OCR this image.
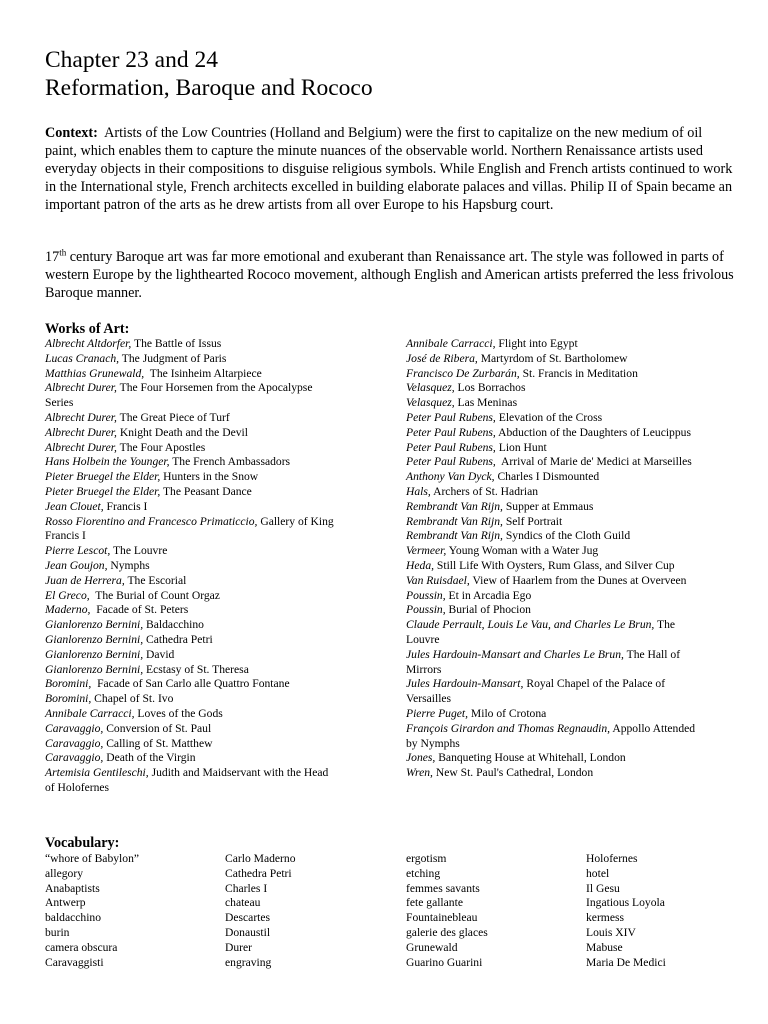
Chapter 23 and 24
Reformation, Baroque and Rococo

Context: Artists of the Low Countries (Holland and Belgium) were the first to capitalize on the new medium of oil paint, which enables them to capture the minute nuances of the observable world. Northern Renaissance artists used everyday objects in their compositions to disguise religious symbols. While English and French artists continued to work in the International style, French architects excelled in building elaborate palaces and villas. Philip II of Spain became an important patron of the arts as he drew artists from all over Europe to his Hapsburg court.

17th century Baroque art was far more emotional and exuberant than Renaissance art. The style was followed in parts of western Europe by the lighthearted Rococo movement, although English and American artists preferred the less frivolous Baroque manner.

Works of Art:
Albrecht Altdorfer, The Battle of Issus
Lucas Cranach, The Judgment of Paris
Matthias Grunewald,  The Isinheim Altarpiece
Albrecht Durer, The Four Horsemen from the Apocalypse
Series
Albrecht Durer, The Great Piece of Turf
Albrecht Durer, Knight Death and the Devil
Albrecht Durer, The Four Apostles
Hans Holbein the Younger, The French Ambassadors
Pieter Bruegel the Elder, Hunters in the Snow
Pieter Bruegel the Elder, The Peasant Dance
Jean Clouet, Francis I
Rosso Fiorentino and Francesco Primaticcio, Gallery of King
Francis I
Pierre Lescot, The Louvre
Jean Goujon, Nymphs
Juan de Herrera, The Escorial
El Greco,  The Burial of Count Orgaz
Maderno,  Facade of St. Peters
Gianlorenzo Bernini, Baldacchino
Gianlorenzo Bernini, Cathedra Petri
Gianlorenzo Bernini, David
Gianlorenzo Bernini, Ecstasy of St. Theresa
Boromini,  Facade of San Carlo alle Quattro Fontane
Boromini, Chapel of St. Ivo
Annibale Carracci, Loves of the Gods
Caravaggio, Conversion of St. Paul
Caravaggio, Calling of St. Matthew
Caravaggio, Death of the Virgin
Artemisia Gentileschi, Judith and Maidservant with the Head
of Holofernes
Annibale Carracci, Flight into Egypt
José de Ribera, Martyrdom of St. Bartholomew
Francisco De Zurbarán, St. Francis in Meditation
Velasquez, Los Borrachos
Velasquez, Las Meninas
Peter Paul Rubens, Elevation of the Cross
Peter Paul Rubens, Abduction of the Daughters of Leucippus
Peter Paul Rubens, Lion Hunt
Peter Paul Rubens,  Arrival of Marie de' Medici at Marseilles
Anthony Van Dyck, Charles I Dismounted
Hals, Archers of St. Hadrian
Rembrandt Van Rijn, Supper at Emmaus
Rembrandt Van Rijn, Self Portrait
Rembrandt Van Rijn, Syndics of the Cloth Guild
Vermeer, Young Woman with a Water Jug
Heda, Still Life With Oysters, Rum Glass, and Silver Cup
Van Ruisdael, View of Haarlem from the Dunes at Overveen
Poussin, Et in Arcadia Ego
Poussin, Burial of Phocion
Claude Perrault, Louis Le Vau, and Charles Le Brun, The
Louvre
Jules Hardouin-Mansart and Charles Le Brun, The Hall of
Mirrors
Jules Hardouin-Mansart, Royal Chapel of the Palace of
Versailles
Pierre Puget, Milo of Crotona
François Girardon and Thomas Regnaudin, Appollo Attended
by Nymphs
Jones, Banqueting House at Whitehall, London
Wren, New St. Paul's Cathedral, London
Vocabulary:
“whore of Babylon”
allegory
Anabaptists
Antwerp
baldacchino
burin
camera obscura
Caravaggisti
Carlo Maderno
Cathedra Petri
Charles I
chateau
Descartes
Donaustil
Durer
engraving
ergotism
etching
femmes savants
fete gallante
Fountainebleau
galerie des glaces
Grunewald
Guarino Guarini
Holofernes
hotel
Il Gesu
Ingatious Loyola
kermess
Louis XIV
Mabuse
Maria De Medici
